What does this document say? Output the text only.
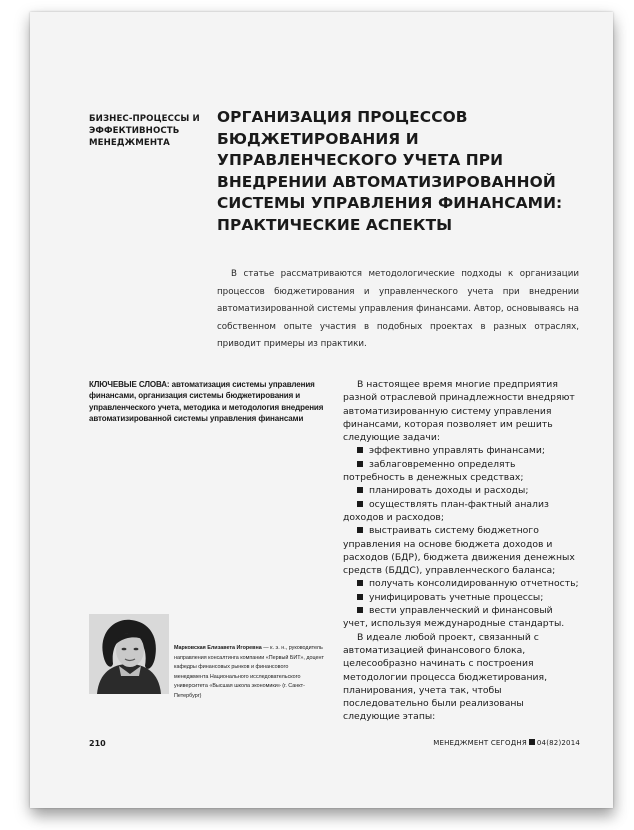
БИЗНЕС-ПРОЦЕССЫ И ЭФФЕКТИВНОСТЬ МЕНЕДЖМЕНТА
ОРГАНИЗАЦИЯ ПРОЦЕССОВ БЮДЖЕТИРОВАНИЯ И УПРАВЛЕНЧЕСКОГО УЧЕТА ПРИ ВНЕДРЕНИИ АВТОМАТИЗИРОВАННОЙ СИСТЕМЫ УПРАВЛЕНИЯ ФИНАНСАМИ: ПРАКТИЧЕСКИЕ АСПЕКТЫ
В статье рассматриваются методологические подходы к организации процессов бюджетирования и управленческого учета при внедрении автоматизированной системы управления финансами. Автор, основываясь на собственном опыте участия в подобных проектах в разных отраслях, приводит примеры из практики.
КЛЮЧЕВЫЕ СЛОВА: автоматизация системы управления финансами, организация системы бюджетирования и управленческого учета, методика и методология внедрения автоматизированной системы управления финансами

В настоящее время многие предприятия разной отраслевой принадлежности внедряют автоматизированную систему управления финансами, которая позволяет им решить следующие задачи:

эффективно управлять финансами;

заблаговременно определять потребность в денежных средствах;

планировать доходы и расходы;

осуществлять план-фактный анализ доходов и расходов;

выстраивать систему бюджетного управления на основе бюджета доходов и расходов (БДР), бюджета движения денежных средств (БДДС), управленческого баланса;

получать консолидированную отчетность;

унифицировать учетные процессы;

вести управленческий и финансовый учет, используя международные стандарты.

В идеале любой проект, связанный с автоматизацией финансового блока, целесообразно начинать с построения методологии процесса бюджетирования, планирования, учета так, чтобы последовательно были реализованы следующие этапы:

Марковская Елизавета Игоревна — к. э. н., руководитель направления консалтинга компании «Первый БИТ», доцент кафедры финансовых рынков и финансового менеджмента Национального исследовательского университета «Высшая школа экономики» (г. Санкт-Петербург)
210	МЕНЕДЖМЕНТ СЕГОДНЯ 04(82)2014
